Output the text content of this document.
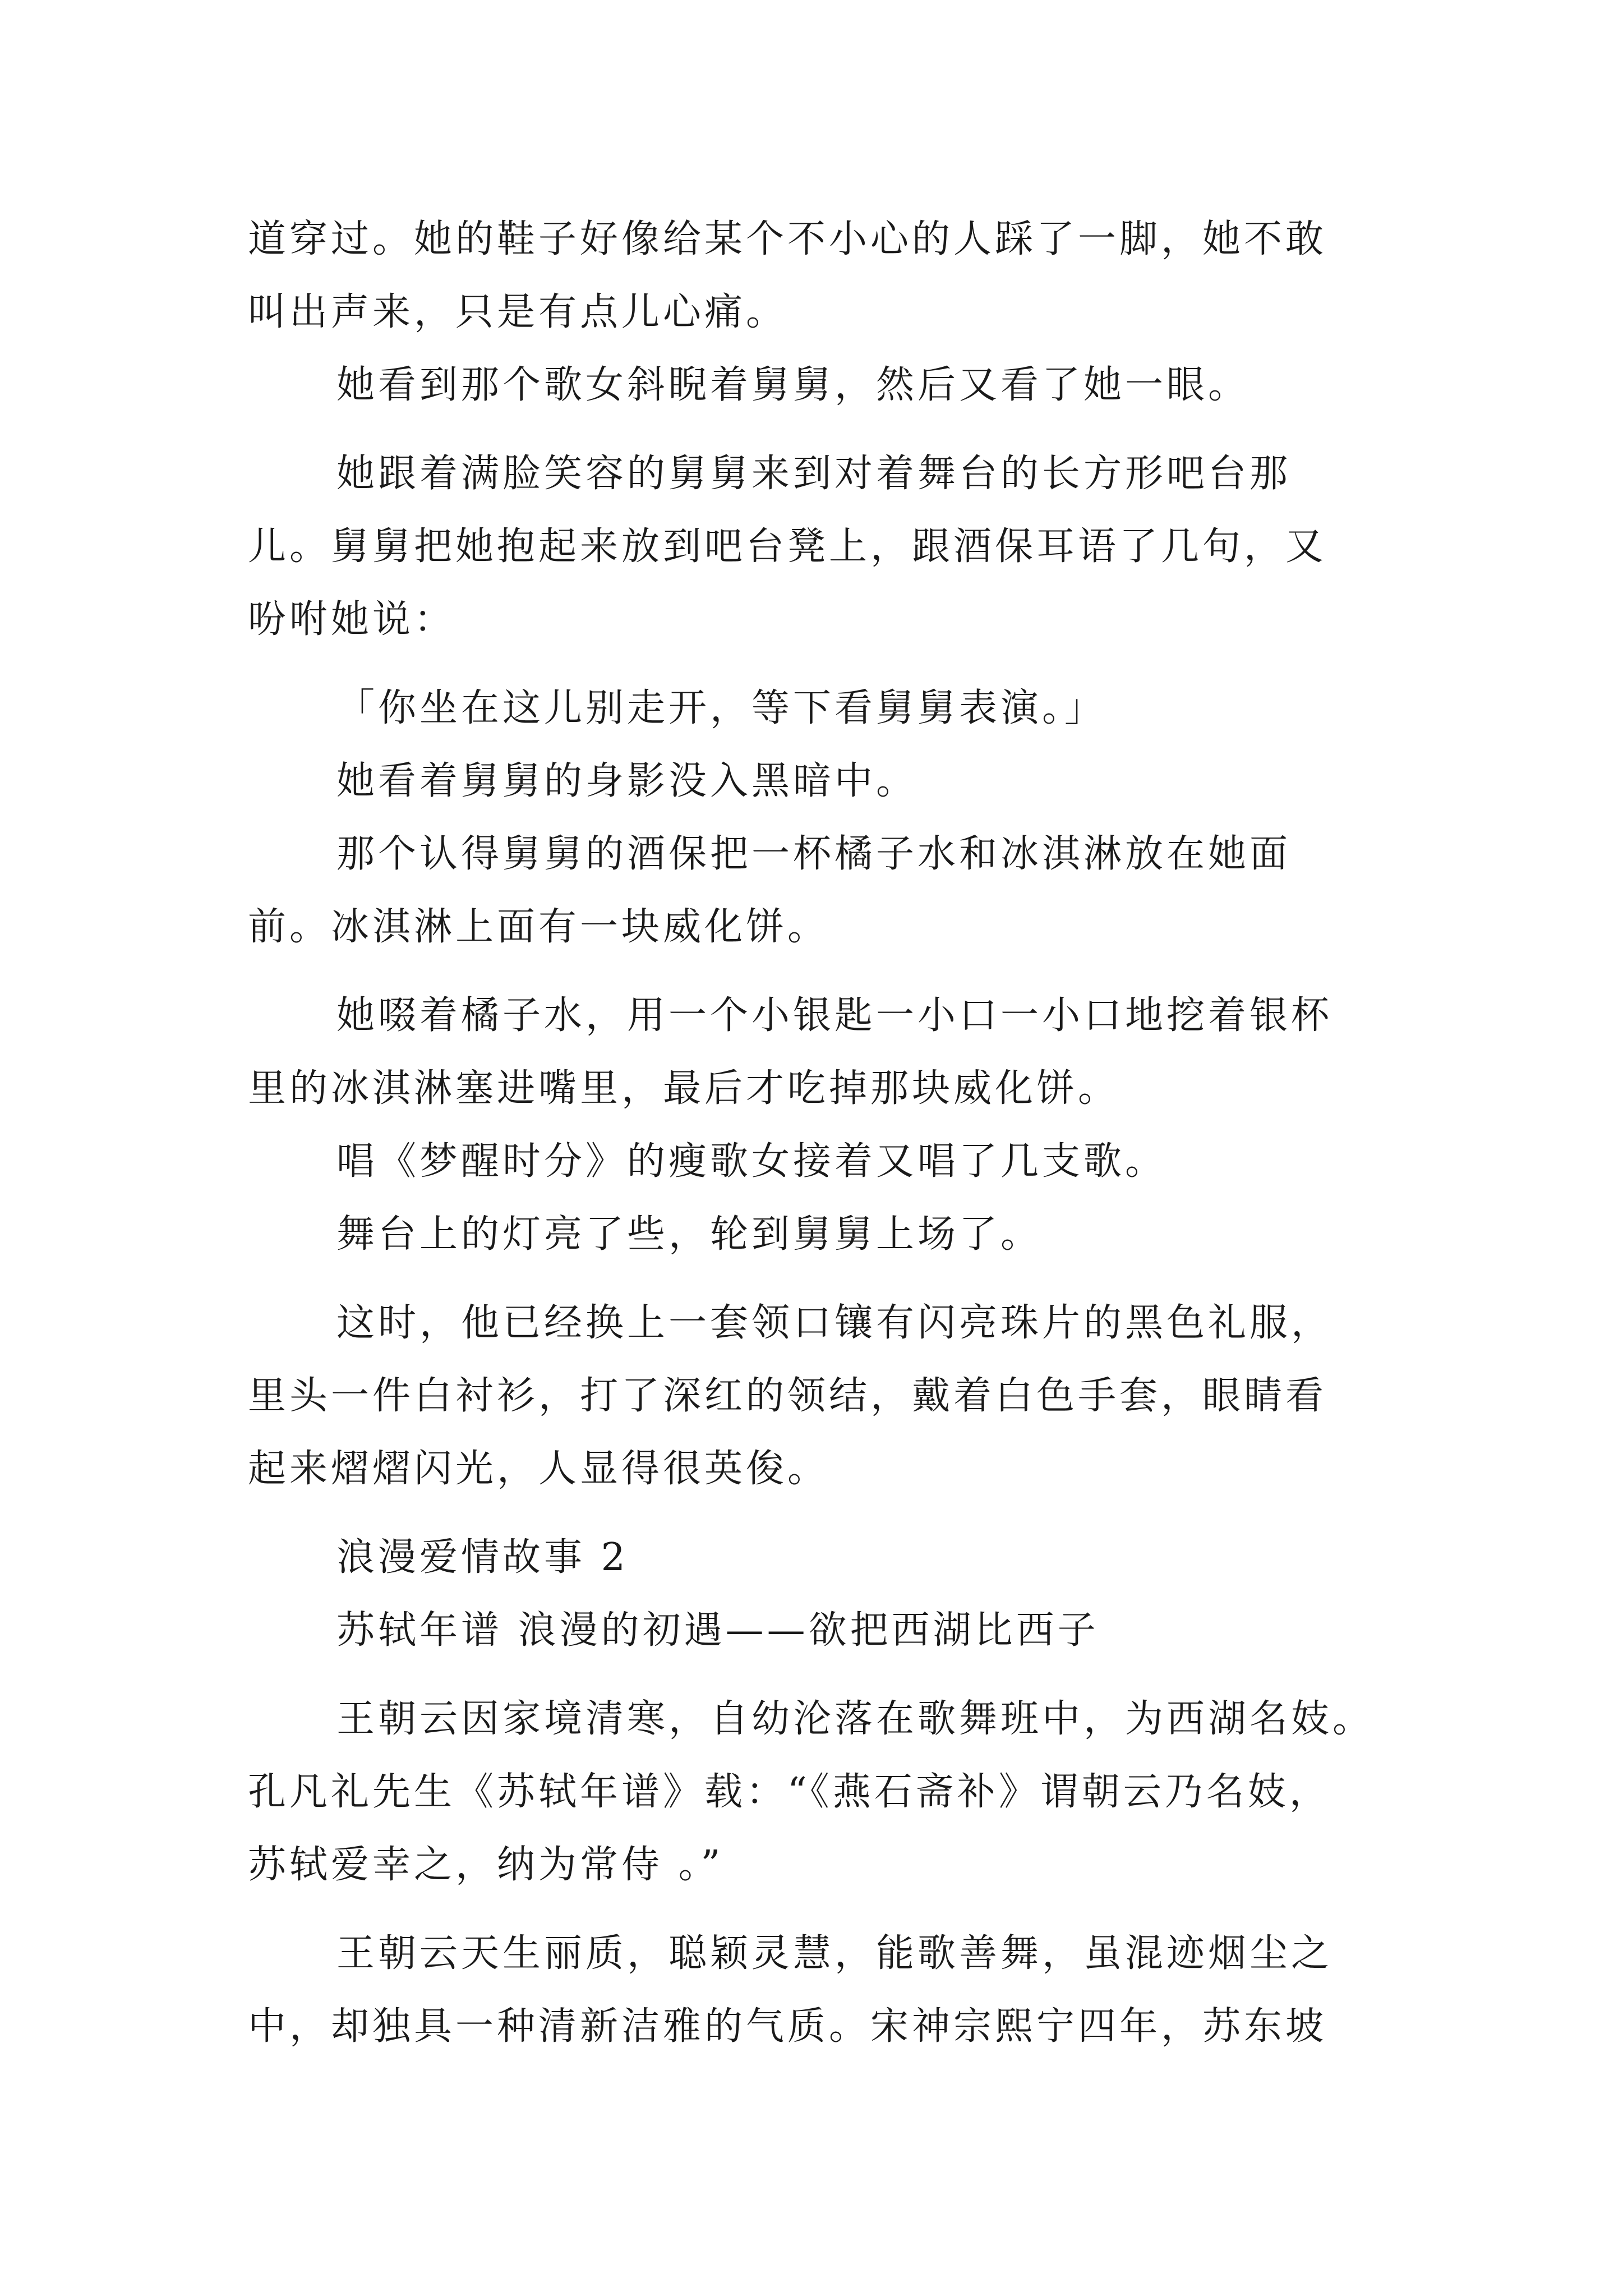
道穿过。她的鞋子好像给某个不小心的人踩了一脚，她不敢
叫出声来，只是有点儿心痛。
她看到那个歌女斜睨着舅舅，然后又看了她一眼。
她跟着满脸笑容的舅舅来到对着舞台的长方形吧台那
儿。舅舅把她抱起来放到吧台凳上，跟酒保耳语了几句，又
吩咐她说：
「你坐在这儿别走开，等下看舅舅表演。」
她看着舅舅的身影没入黑暗中。
那个认得舅舅的酒保把一杯橘子水和冰淇淋放在她面
前。冰淇淋上面有一块威化饼。
她啜着橘子水，用一个小银匙一小口一小口地挖着银杯
里的冰淇淋塞进嘴里，最后才吃掉那块威化饼。
唱《梦醒时分》的瘦歌女接着又唱了几支歌。
舞台上的灯亮了些，轮到舅舅上场了。
这时，他已经换上一套领口镶有闪亮珠片的黑色礼服，
里头一件白衬衫，打了深红的领结，戴着白色手套，眼睛看
起来熠熠闪光，人显得很英俊。
浪漫爱情故事 2
苏轼年谱 浪漫的初遇——欲把西湖比西子
王朝云因家境清寒，自幼沦落在歌舞班中，为西湖名妓。
孔凡礼先生《苏轼年谱》载：“《燕石斋补》谓朝云乃名妓，
苏轼爱幸之，纳为常侍 。”
王朝云天生丽质，聪颖灵慧，能歌善舞，虽混迹烟尘之
中，却独具一种清新洁雅的气质。宋神宗熙宁四年，苏东坡
